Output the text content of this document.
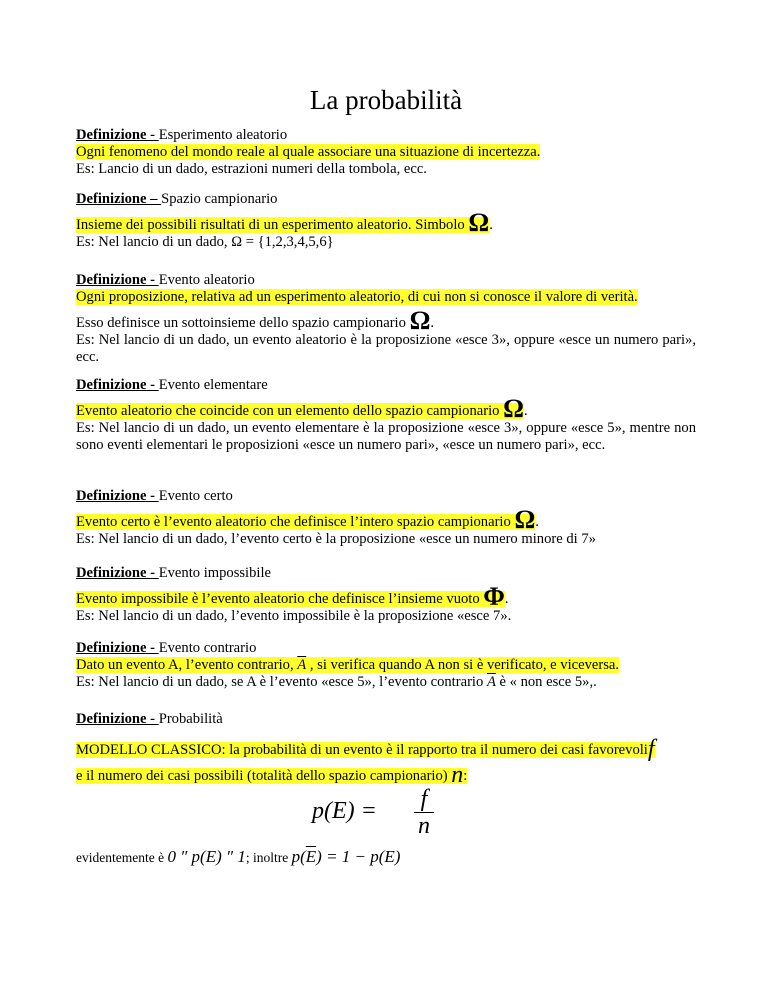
La probabilità
Definizione - Esperimento aleatorio
Ogni fenomeno del mondo reale al quale associare una situazione di incertezza.
Es: Lancio di un dado, estrazioni numeri della tombola, ecc.
Definizione – Spazio campionario
Insieme dei possibili risultati di un esperimento aleatorio. Simbolo Ω.
Es: Nel lancio di un dado, Ω = {1,2,3,4,5,6}
Definizione - Evento aleatorio
Ogni proposizione, relativa ad un esperimento aleatorio, di cui non si conosce il valore di verità.
Esso definisce un sottoinsieme dello spazio campionario Ω.
Es: Nel lancio di un dado, un evento aleatorio è la proposizione «esce 3», oppure «esce un numero pari», ecc.
Definizione - Evento elementare
Evento aleatorio che coincide con un elemento dello spazio campionario Ω.
Es: Nel lancio di un dado, un evento elementare è la proposizione «esce 3», oppure «esce 5», mentre non sono eventi elementari le proposizioni «esce un numero pari», «esce un numero pari», ecc.
Definizione - Evento certo
Evento certo è l’evento aleatorio che definisce l’intero spazio campionario Ω.
Es: Nel lancio di un dado, l’evento certo è la proposizione «esce un numero minore di 7»
Definizione - Evento impossibile
Evento impossibile è l’evento aleatorio che definisce l’insieme vuoto Φ.
Es: Nel lancio di un dado, l’evento impossibile è la proposizione «esce 7».
Definizione - Evento contrario
Dato un evento A, l’evento contrario, $\overline{A}$ , si verifica quando A non si è verificato, e viceversa.
Es: Nel lancio di un dado, se A è l’evento «esce 5», l’evento contrario $\overline{A}$ è « non esce 5»,.
Definizione - Probabilità
MODELLO CLASSICO: la probabilità di un evento è il rapporto tra il numero dei casi favorevolif
e il numero dei casi possibili (totalità dello spazio campionario) n:
p(E) =	f
n
evidentemente è 0 ″ p(E) ″ 1; inoltre $p(\overline{E}) = 1 - p(E)$
